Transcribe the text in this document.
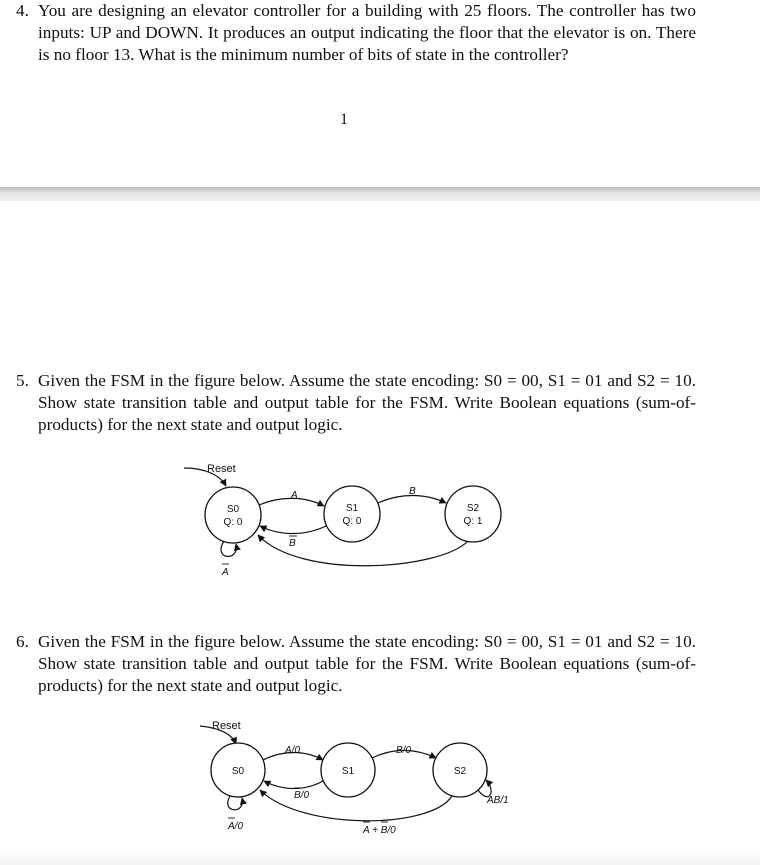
4. You are designing an elevator controller for a building with 25 floors. The controller has two inputs: UP and DOWN. It produces an output indicating the floor that the elevator is on. There is no floor 13. What is the minimum number of bits of state in the controller?
1
5. Given the FSM in the figure below. Assume the state encoding: S0 = 00, S1 = 01 and S2 = 10. Show state transition table and output table for the FSM. Write Boolean equations (sum-of-products) for the next state and output logic.
Reset
S0
Q: 0
S1
Q: 0
S2
Q: 1
A
B
B
A
6. Given the FSM in the figure below. Assume the state encoding: S0 = 00, S1 = 01 and S2 = 10. Show state transition table and output table for the FSM. Write Boolean equations (sum-of-products) for the next state and output logic.
Reset
S0	S1	S2
A/0
B/0
B/0
A + B/0
AB/1
A/0
